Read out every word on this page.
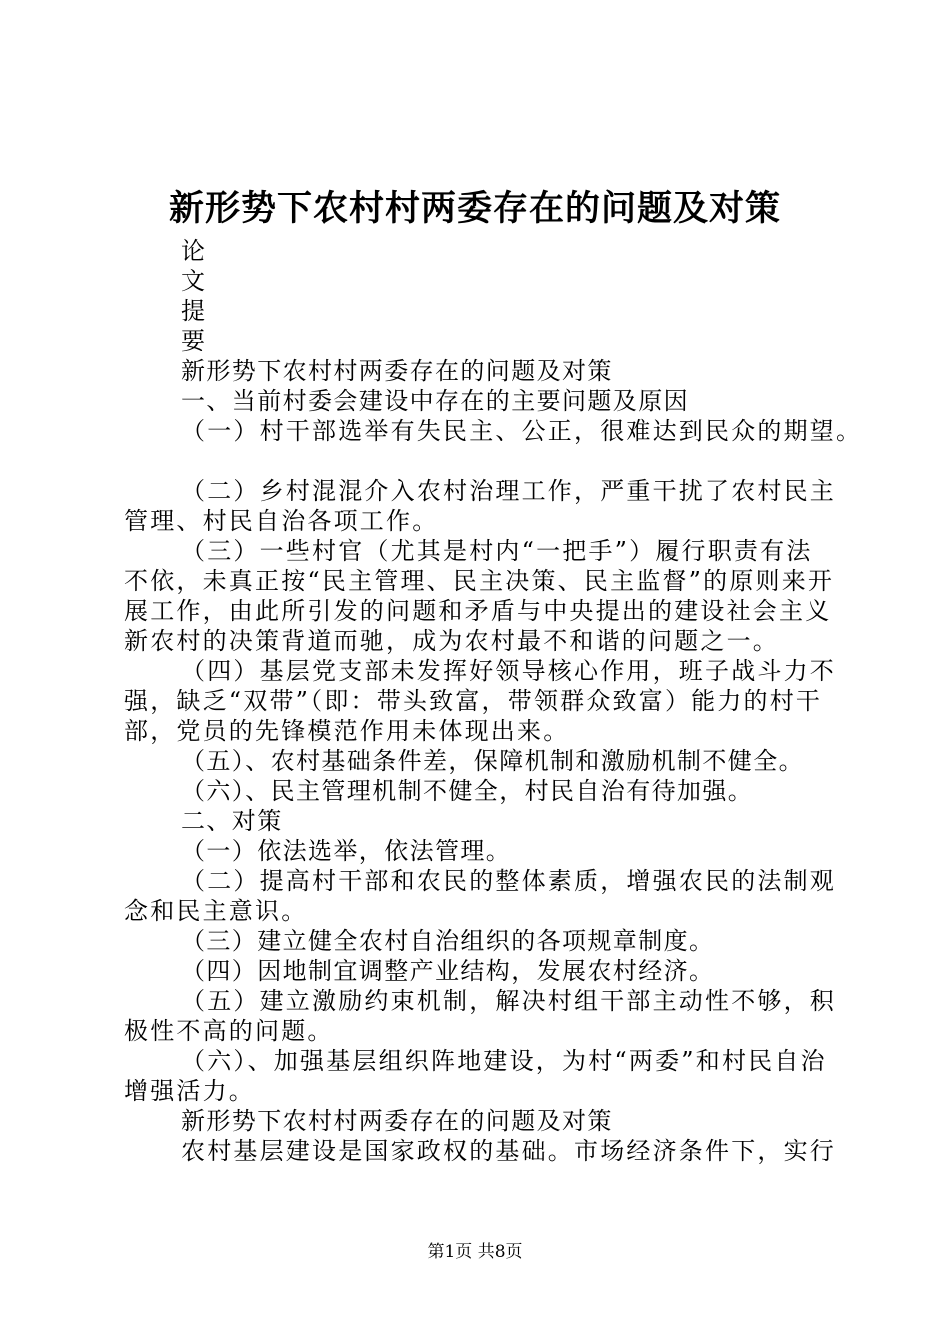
新形势下农村村两委存在的问题及对策
论
文
提
要
新形势下农村村两委存在的问题及对策
一、当前村委会建设中存在的主要问题及原因
（一）村干部选举有失民主、公正，很难达到民众的期望。
（二）乡村混混介入农村治理工作，严重干扰了农村民主管理、村民自治各项工作。
（三）一些村官（尤其是村内“一把手”）履行职责有法不依，未真正按“民主管理、民主决策、民主监督”的原则来开展工作，由此所引发的问题和矛盾与中央提出的建设社会主义新农村的决策背道而驰，成为农村最不和谐的问题之一。
（四）基层党支部未发挥好领导核心作用，班子战斗力不强，缺乏“双带”（即：带头致富，带领群众致富）能力的村干部，党员的先锋模范作用未体现出来。
（五）、农村基础条件差，保障机制和激励机制不健全。
（六）、民主管理机制不健全，村民自治有待加强。
二、对策
（一）依法选举，依法管理。
（二）提高村干部和农民的整体素质，增强农民的法制观念和民主意识。
（三）建立健全农村自治组织的各项规章制度。
（四）因地制宜调整产业结构，发展农村经济。
（五）建立激励约束机制，解决村组干部主动性不够，积极性不高的问题。
（六）、加强基层组织阵地建设，为村“两委”和村民自治增强活力。
新形势下农村村两委存在的问题及对策
农村基层建设是国家政权的基础。市场经济条件下，实行
第1页 共8页
